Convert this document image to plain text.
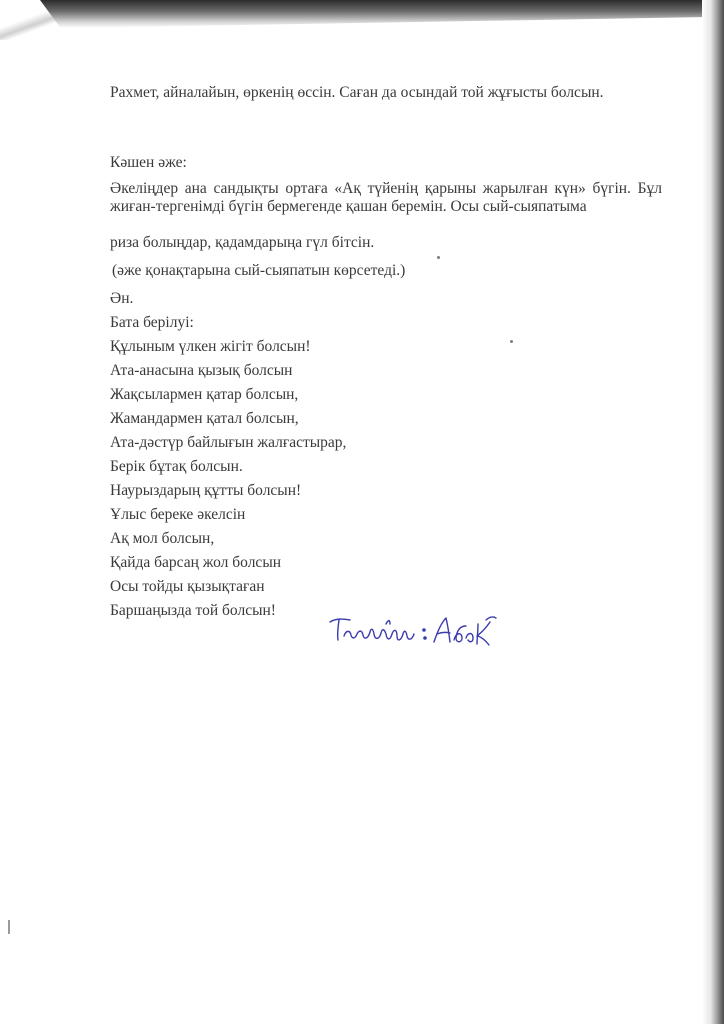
Рахмет, айналайын, өркенің өссін. Саған да осындай той жұғысты болсын.

Кәшен әже:

Әкеліңдер ана сандықты ортаға «Ақ түйенің қарыны жарылған күн» бүгін. Бұл жиған-тергенімді бүгін бермегенде қашан беремін. Осы сый-сыяпатыма

риза болыңдар, қадамдарыңа гүл бітсін.
(әже қонақтарына сый-сыяпатын көрсетеді.)
Ән.
Бата берілуі:
Құлыным үлкен жігіт болсын!
Ата-анасына қызық болсын
Жақсылармен қатар болсын,
Жамандармен қатал болсын,
Ата-дәстүр байлығын жалғастырар,
Берік бұтақ болсын.
Наурыздарың құтты болсын!
Ұлыс береке әкелсін
Ақ мол болсын,
Қайда барсаң жол болсын
Осы тойды қызықтаған
Баршаңызда той болсын!
